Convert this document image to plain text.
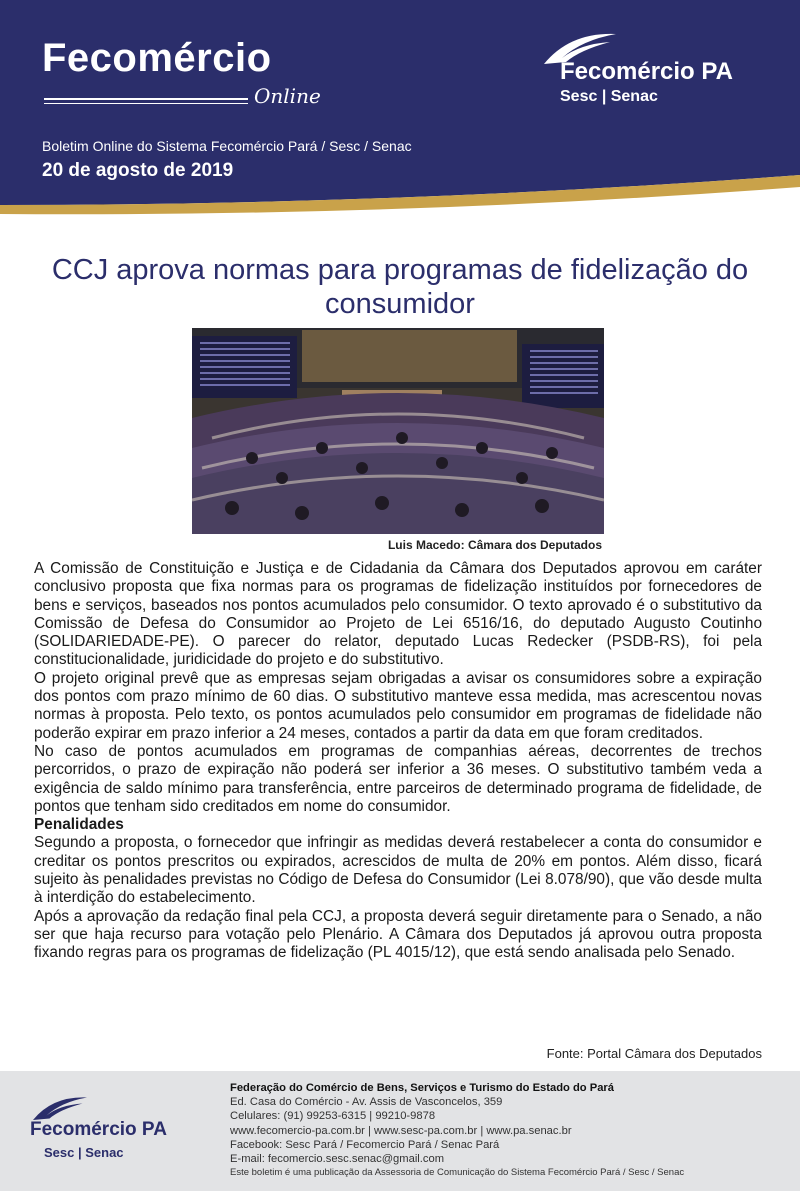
Fecomércio
Online
Boletim Online do Sistema Fecomércio Pará / Sesc / Senac
20 de agosto de 2019
Fecomércio PA
Sesc | Senac
CCJ aprova normas para programas de fidelização do consumidor
Luis Macedo: Câmara dos Deputados

A Comissão de Constituição e Justiça e de Cidadania da Câmara dos Deputados aprovou em caráter conclusivo proposta que fixa normas para os programas de fidelização instituídos por fornecedores de bens e serviços, baseados nos pontos acumulados pelo consumidor. O texto aprovado é o substitutivo da Comissão de Defesa do Consumidor ao Projeto de Lei 6516/16, do deputado Augusto Coutinho (SOLIDARIEDADE-PE). O parecer do relator, deputado Lucas Redecker (PSDB-RS), foi pela constitucionalidade, juridicidade do projeto e do substitutivo.

O projeto original prevê que as empresas sejam obrigadas a avisar os consumidores sobre a expiração dos pontos com prazo mínimo de 60 dias. O substitutivo manteve essa medida, mas acrescentou novas normas à proposta. Pelo texto, os pontos acumulados pelo consumidor em programas de fidelidade não poderão expirar em prazo inferior a 24 meses, contados a partir da data em que foram creditados.

No caso de pontos acumulados em programas de companhias aéreas, decorrentes de trechos percorridos, o prazo de expiração não poderá ser inferior a 36 meses. O substitutivo também veda a exigência de saldo mínimo para transferência, entre parceiros de determinado programa de fidelidade, de pontos que tenham sido creditados em nome do consumidor.

Penalidades

Segundo a proposta, o fornecedor que infringir as medidas deverá restabelecer a conta do consumidor e creditar os pontos prescritos ou expirados, acrescidos de multa de 20% em pontos. Além disso, ficará sujeito às penalidades previstas no Código de Defesa do Consumidor (Lei 8.078/90), que vão desde multa à interdição do estabelecimento.

Após a aprovação da redação final pela CCJ, a proposta deverá seguir diretamente para o Senado, a não ser que haja recurso para votação pelo Plenário. A Câmara dos Deputados já aprovou outra proposta fixando regras para os programas de fidelização (PL 4015/12), que está sendo analisada pelo Senado.

Fonte: Portal Câmara dos Deputados
Fecomércio PA
Sesc | Senac
Federação do Comércio de Bens, Serviços e Turismo do Estado do Pará
Ed. Casa do Comércio - Av. Assis de Vasconcelos, 359
Celulares: (91) 99253-6315 | 99210-9878
www.fecomercio-pa.com.br | www.sesc-pa.com.br | www.pa.senac.br
Facebook: Sesc Pará / Fecomercio Pará / Senac Pará
E-mail: fecomercio.sesc.senac@gmail.com
Este boletim é uma publicação da Assessoria de Comunicação do Sistema Fecomércio Pará / Sesc / Senac
